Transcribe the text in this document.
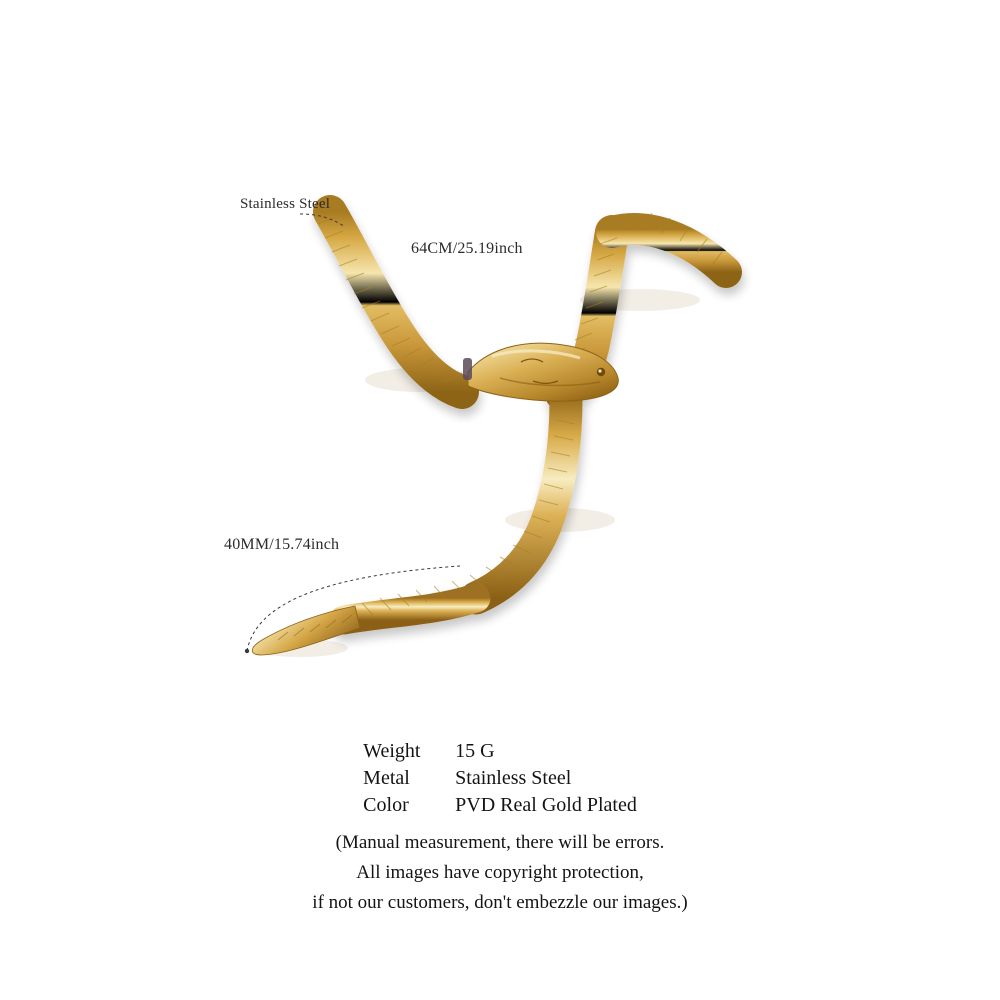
Stainless Steel
64CM/25.19inch
40MM/15.74inch
Weight	15 G
Metal	Stainless Steel
Color	PVD Real Gold Plated
(Manual measurement, there will be errors.
All images have copyright protection,
if not our customers, don't embezzle our images.)
